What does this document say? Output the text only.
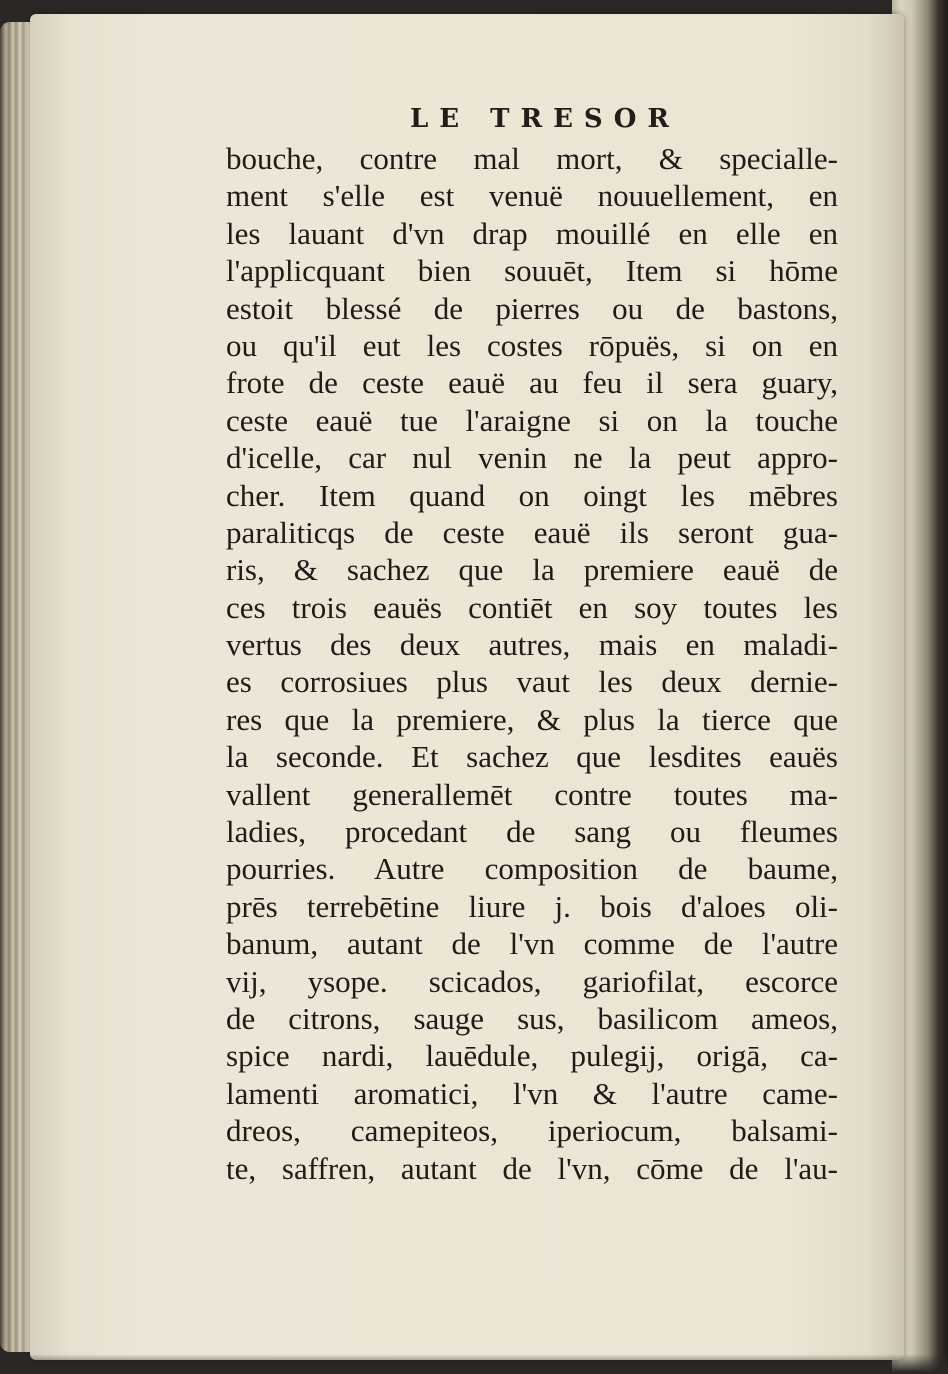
LE TRESOR
bouche, contre mal mort, & specialle-
ment s'elle est venuë nouuellement, en
les lauant d'vn drap mouillé en elle en
l'applicquant bien souuēt, Item si hōme
estoit blessé de pierres ou de bastons,
ou qu'il eut les costes rōpuës, si on en
frote de ceste eauë au feu il sera guary,
ceste eauë tue l'araigne si on la touche
d'icelle, car nul venin ne la peut appro-
cher. Item quand on oingt les mēbres
paraliticqs de ceste eauë ils seront gua-
ris, & sachez que la premiere eauë de
ces trois eauës contiēt en soy toutes les
vertus des deux autres, mais en maladi-
es corrosiues plus vaut les deux dernie-
res que la premiere, & plus la tierce que
la seconde. Et sachez que lesdites eauës
vallent generallemēt contre toutes ma-
ladies, procedant de sang ou fleumes
pourries. Autre composition de baume,
prēs terrebētine liure j. bois d'aloes oli-
banum, autant de l'vn comme de l'autre
vij, ysope. scicados, gariofilat, escorce
de citrons, sauge sus, basilicom ameos,
spice nardi, lauēdule, pulegij, origā, ca-
lamenti aromatici, l'vn & l'autre came-
dreos, camepiteos, iperiocum, balsami-
te, saffren, autant de l'vn, cōme de l'au-
